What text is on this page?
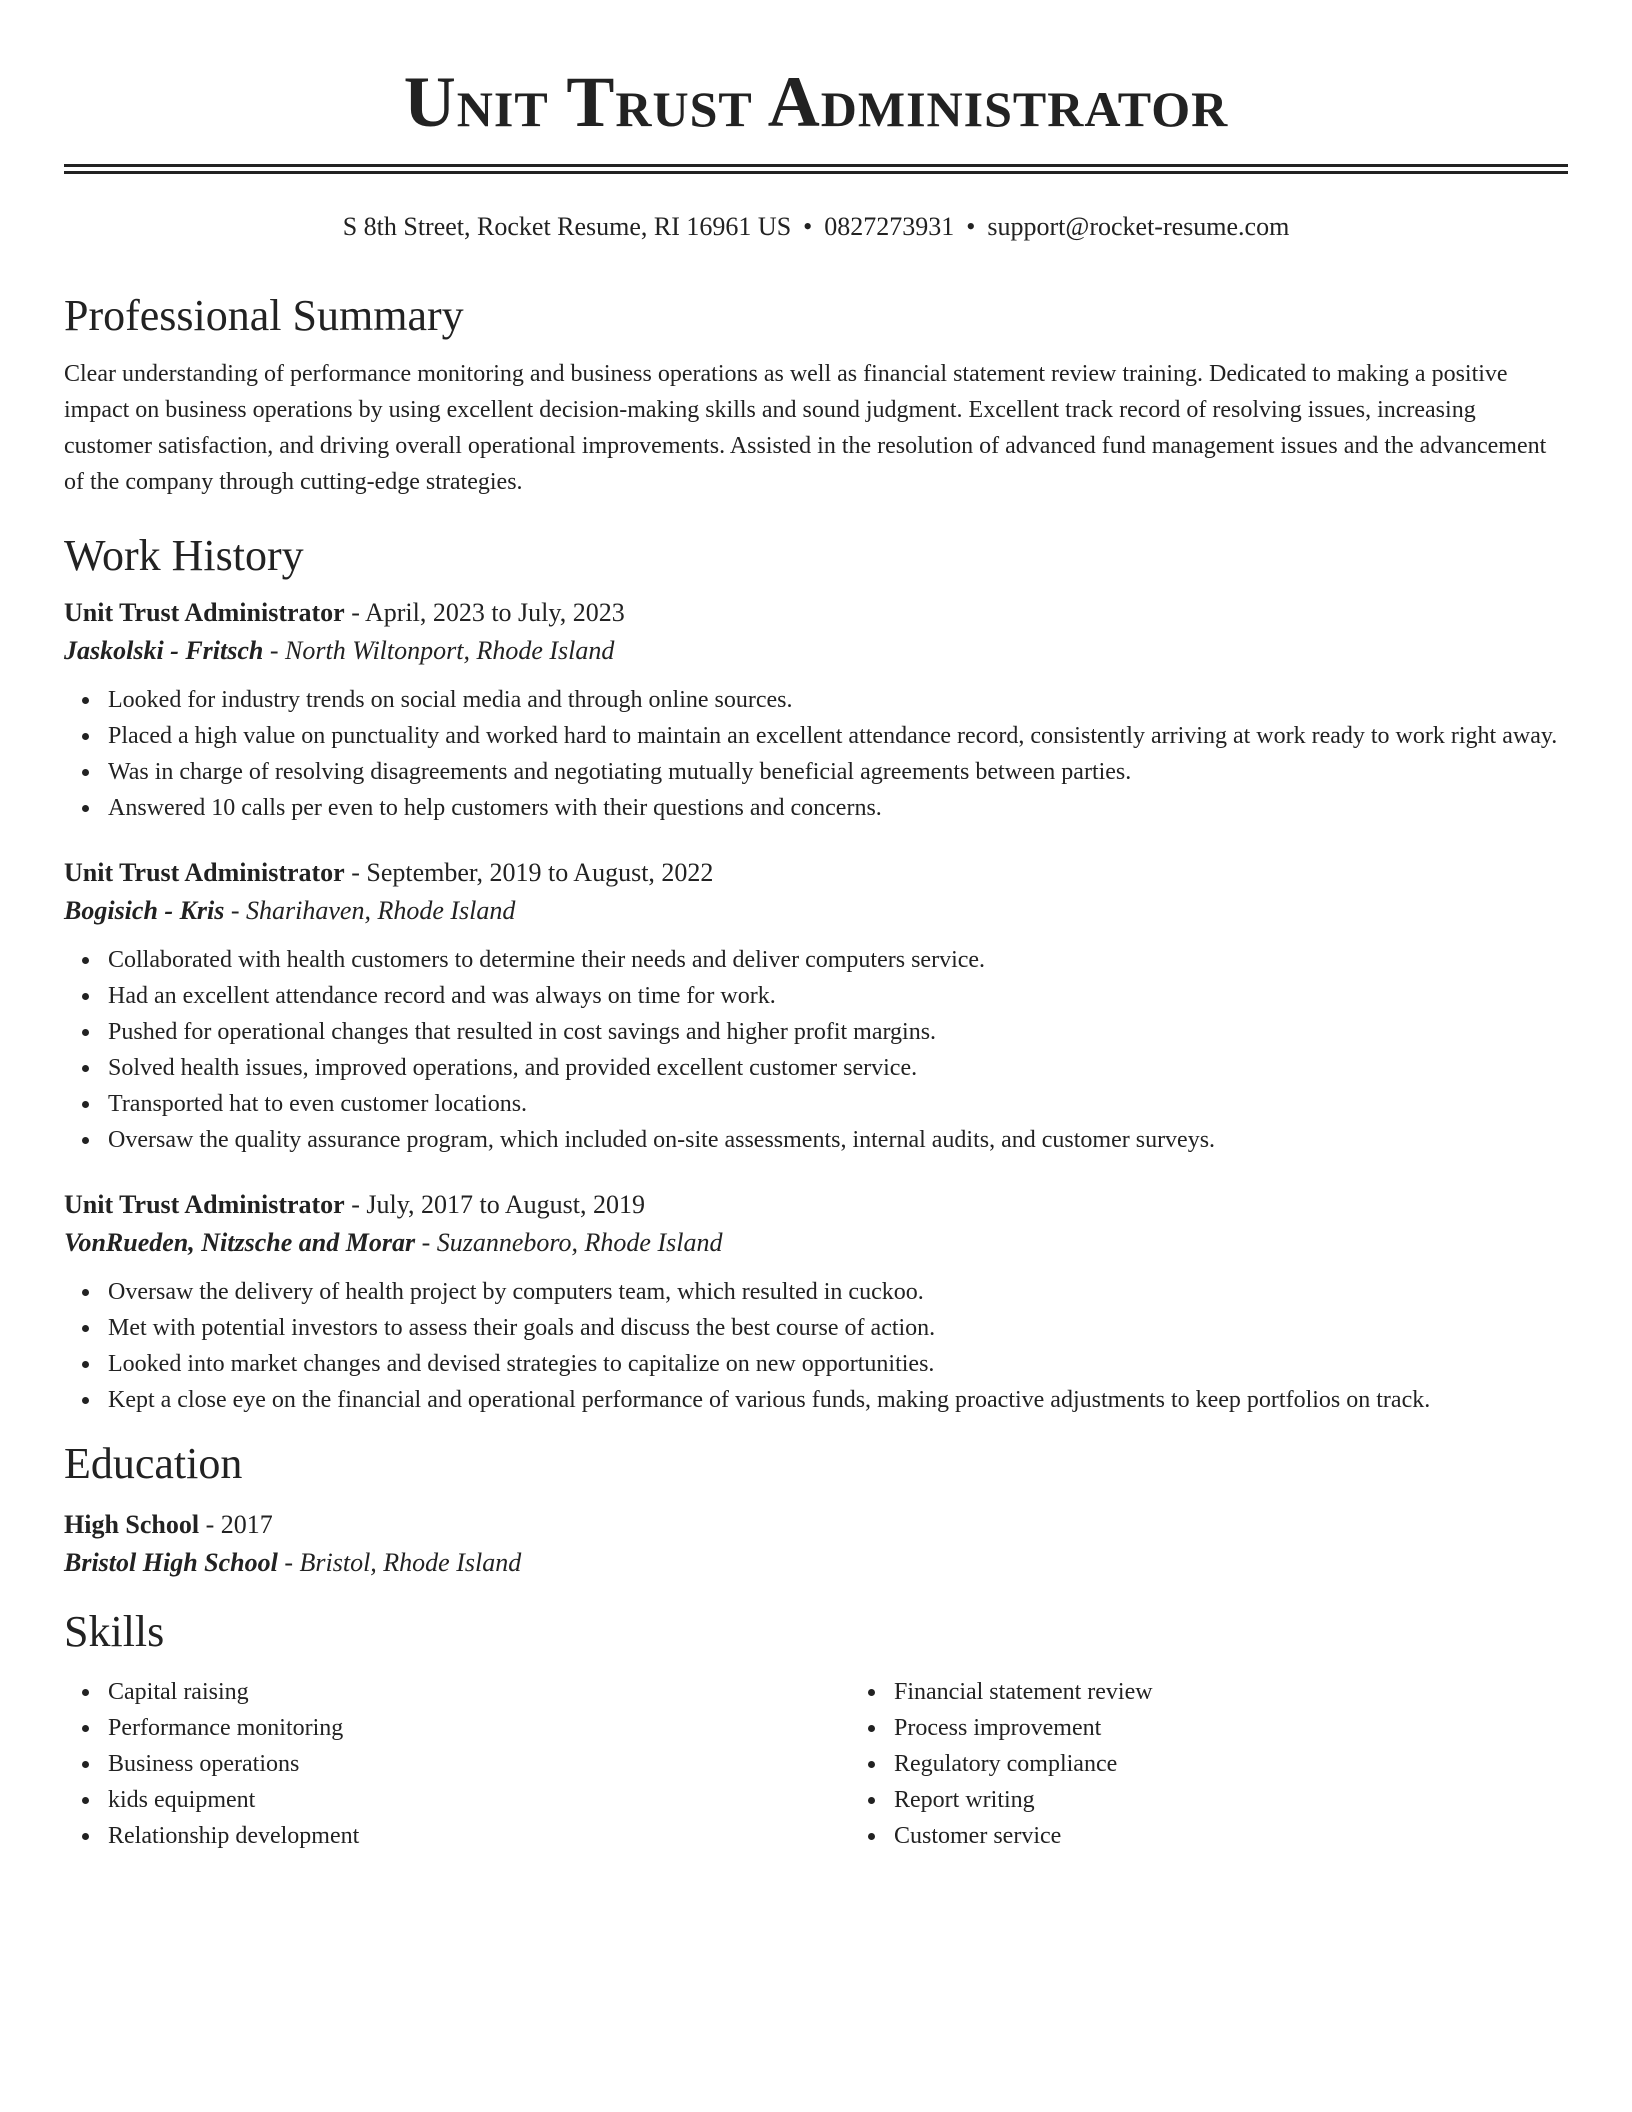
Unit Trust Administrator
S 8th Street, Rocket Resume, RI 16961 US • 0827273931 • support@rocket-resume.com
Professional Summary
Clear understanding of performance monitoring and business operations as well as financial statement review training. Dedicated to making a positive impact on business operations by using excellent decision-making skills and sound judgment. Excellent track record of resolving issues, increasing customer satisfaction, and driving overall operational improvements. Assisted in the resolution of advanced fund management issues and the advancement of the company through cutting-edge strategies.
Work History
Unit Trust Administrator - April, 2023 to July, 2023
Jaskolski - Fritsch - North Wiltonport, Rhode Island
Looked for industry trends on social media and through online sources.
Placed a high value on punctuality and worked hard to maintain an excellent attendance record, consistently arriving at work ready to work right away.
Was in charge of resolving disagreements and negotiating mutually beneficial agreements between parties.
Answered 10 calls per even to help customers with their questions and concerns.
Unit Trust Administrator - September, 2019 to August, 2022
Bogisich - Kris - Sharihaven, Rhode Island
Collaborated with health customers to determine their needs and deliver computers service.
Had an excellent attendance record and was always on time for work.
Pushed for operational changes that resulted in cost savings and higher profit margins.
Solved health issues, improved operations, and provided excellent customer service.
Transported hat to even customer locations.
Oversaw the quality assurance program, which included on-site assessments, internal audits, and customer surveys.
Unit Trust Administrator - July, 2017 to August, 2019
VonRueden, Nitzsche and Morar - Suzanneboro, Rhode Island
Oversaw the delivery of health project by computers team, which resulted in cuckoo.
Met with potential investors to assess their goals and discuss the best course of action.
Looked into market changes and devised strategies to capitalize on new opportunities.
Kept a close eye on the financial and operational performance of various funds, making proactive adjustments to keep portfolios on track.
Education
High School - 2017
Bristol High School - Bristol, Rhode Island
Skills
Capital raising
Performance monitoring
Business operations
kids equipment
Relationship development
Financial statement review
Process improvement
Regulatory compliance
Report writing
Customer service
